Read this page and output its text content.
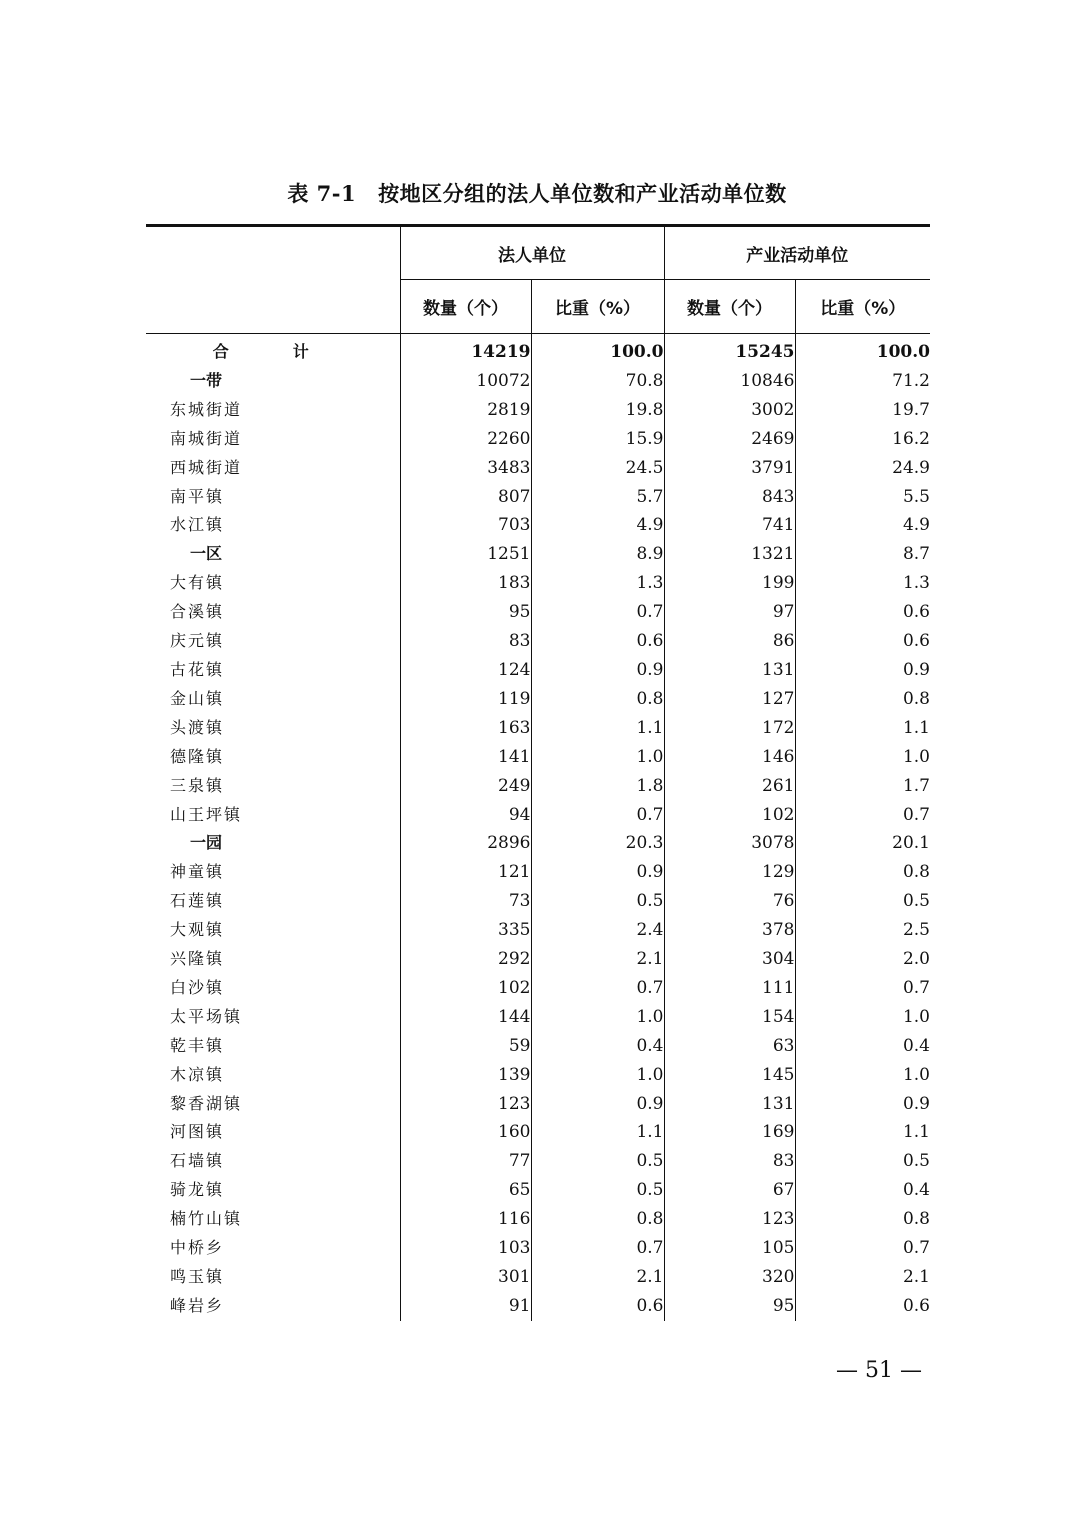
表 7-1 按地区分组的法人单位数和产业活动单位数
	法人单位		产业活动单位	
	数量（个）	比重（%）	数量（个）	比重（%）
合　计	14219	100.0	15245	100.0
一带	10072	70.8	10846	71.2
东城街道	2819	19.8	3002	19.7
南城街道	2260	15.9	2469	16.2
西城街道	3483	24.5	3791	24.9
南平镇	807	5.7	843	5.5
水江镇	703	4.9	741	4.9
一区	1251	8.9	1321	8.7
大有镇	183	1.3	199	1.3
合溪镇	95	0.7	97	0.6
庆元镇	83	0.6	86	0.6
古花镇	124	0.9	131	0.9
金山镇	119	0.8	127	0.8
头渡镇	163	1.1	172	1.1
德隆镇	141	1.0	146	1.0
三泉镇	249	1.8	261	1.7
山王坪镇	94	0.7	102	0.7
一园	2896	20.3	3078	20.1
神童镇	121	0.9	129	0.8
石莲镇	73	0.5	76	0.5
大观镇	335	2.4	378	2.5
兴隆镇	292	2.1	304	2.0
白沙镇	102	0.7	111	0.7
太平场镇	144	1.0	154	1.0
乾丰镇	59	0.4	63	0.4
木凉镇	139	1.0	145	1.0
黎香湖镇	123	0.9	131	0.9
河图镇	160	1.1	169	1.1
石墙镇	77	0.5	83	0.5
骑龙镇	65	0.5	67	0.4
楠竹山镇	116	0.8	123	0.8
中桥乡	103	0.7	105	0.7
鸣玉镇	301	2.1	320	2.1
峰岩乡	91	0.6	95	0.6
— 51 —
